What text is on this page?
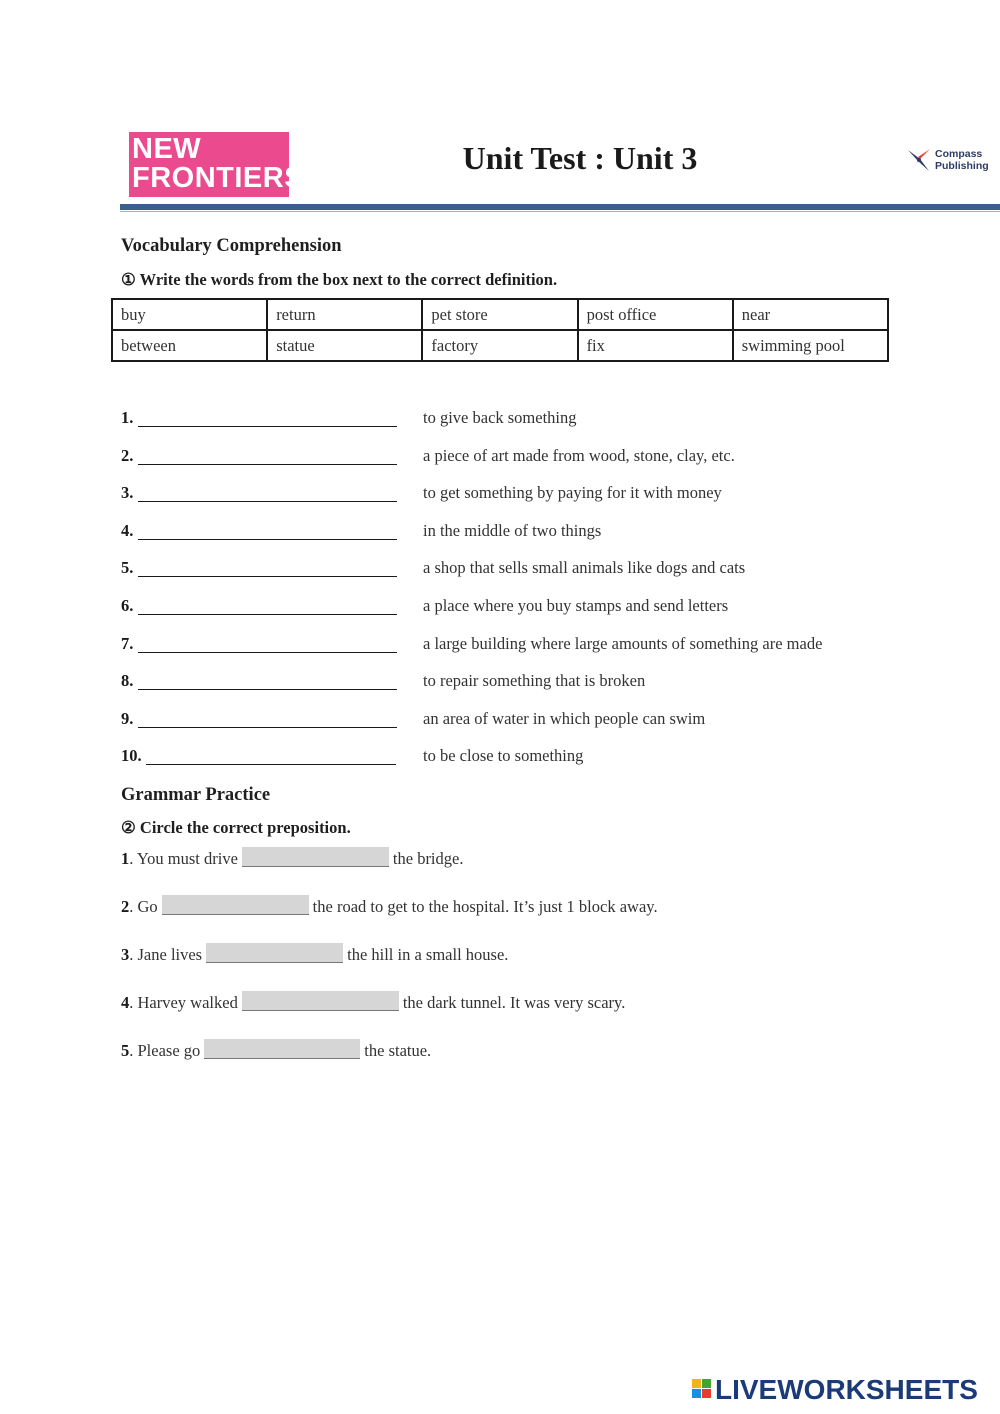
NEW
FRONTIERS
Unit Test : Unit 3	Compass
Publishing
Vocabulary Comprehension
① Write the words from the box next to the correct definition.
buy	return	pet store	post office	near
between	statue	factory	fix	swimming pool
1.	to give back something
2.	a piece of art made from wood, stone, clay, etc.
3.	to get something by paying for it with money
4.	in the middle of two things
5.	a shop that sells small animals like dogs and cats
6.	a place where you buy stamps and send letters
7.	a large building where large amounts of something are made
8.	to repair something that is broken
9.	an area of water in which people can swim
10.	to be close to something
Grammar Practice
② Circle the correct preposition.
1. You must drive	the bridge.
2. Go	the road to get to the hospital. It’s just 1 block away.
3. Jane lives	the hill in a small house.
4. Harvey walked	the dark tunnel. It was very scary.
5. Please go	the statue.
LIVEWORKSHEETS
